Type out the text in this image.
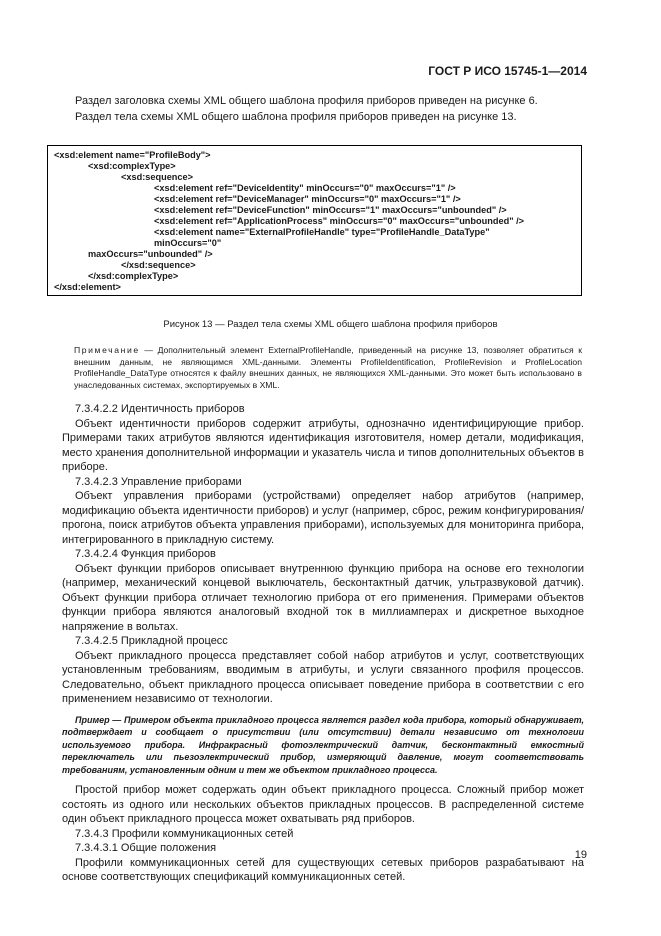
ГОСТ Р ИСО 15745-1—2014

Раздел заголовка схемы XML общего шаблона профиля приборов приведен на рисунке 6.

Раздел тела схемы XML общего шаблона профиля приборов приведен на рисунке 13.

<xsd:element name="ProfileBody">
<xsd:complexType>
<xsd:sequence>
<xsd:element ref="DeviceIdentity" minOccurs="0" maxOccurs="1" />
<xsd:element ref="DeviceManager" minOccurs="0" maxOccurs="1" />
<xsd:element ref="DeviceFunction" minOccurs="1" maxOccurs="unbounded" />
<xsd:element ref="ApplicationProcess" minOccurs="0" maxOccurs="unbounded" />
<xsd:element name="ExternalProfileHandle" type="ProfileHandle_DataType"
minOccurs="0"
maxOccurs="unbounded" />
</xsd:sequence>
</xsd:complexType>
</xsd:element>
Рисунок 13 — Раздел тела схемы XML общего шаблона профиля приборов
Примечание — Дополнительный элемент ExternalProfileHandle, приведенный на рисунке 13, позволяет обратиться к внешним данным, не являющимся XML-данными. Элементы ProfileIdentification, ProfileRevision и ProfileLocation ProfileHandle_DataType относятся к файлу внешних данных, не являющихся XML-данными. Это может быть использовано в унаследованных системах, экспортируемых в XML.

7.3.4.2.2 Идентичность приборов

Объект идентичности приборов содержит атрибуты, однозначно идентифицирующие прибор. Примерами таких атрибутов являются идентификация изготовителя, номер детали, модификация, место хранения дополнительной информации и указатель числа и типов дополнительных объектов в приборе.

7.3.4.2.3 Управление приборами

Объект управления приборами (устройствами) определяет набор атрибутов (например, модификацию объекта идентичности приборов) и услуг (например, сброс, режим конфигурирования/прогона, поиск атрибутов объекта управления приборами), используемых для мониторинга прибора, интегрированного в прикладную систему.

7.3.4.2.4 Функция приборов

Объект функции приборов описывает внутреннюю функцию прибора на основе его технологии (например, механический концевой выключатель, бесконтактный датчик, ультразвуковой датчик). Объект функции прибора отличает технологию прибора от его применения. Примерами объектов функции прибора являются аналоговый входной ток в миллиамперах и дискретное выходное напряжение в вольтах.

7.3.4.2.5 Прикладной процесс

Объект прикладного процесса представляет собой набор атрибутов и услуг, соответствующих установленным требованиям, вводимым в атрибуты, и услуги связанного профиля процессов. Следовательно, объект прикладного процесса описывает поведение прибора в соответствии с его применением независимо от технологии.

Пример — Примером объекта прикладного процесса является раздел кода прибора, который обнаруживает, подтверждает и сообщает о присутствии (или отсутствии) детали независимо от технологии используемого прибора. Инфракрасный фотоэлектрический датчик, бесконтактный емкостный переключатель или пьезоэлектрический прибор, измеряющий давление, могут соответствовать требованиям, установленным одним и тем же объектом прикладного процесса.

Простой прибор может содержать один объект прикладного процесса. Сложный прибор может состоять из одного или нескольких объектов прикладных процессов. В распределенной системе один объект прикладного процесса может охватывать ряд приборов.

7.3.4.3 Профили коммуникационных сетей

7.3.4.3.1 Общие положения

Профили коммуникационных сетей для существующих сетевых приборов разрабатывают на основе соответствующих спецификаций коммуникационных сетей.

19
